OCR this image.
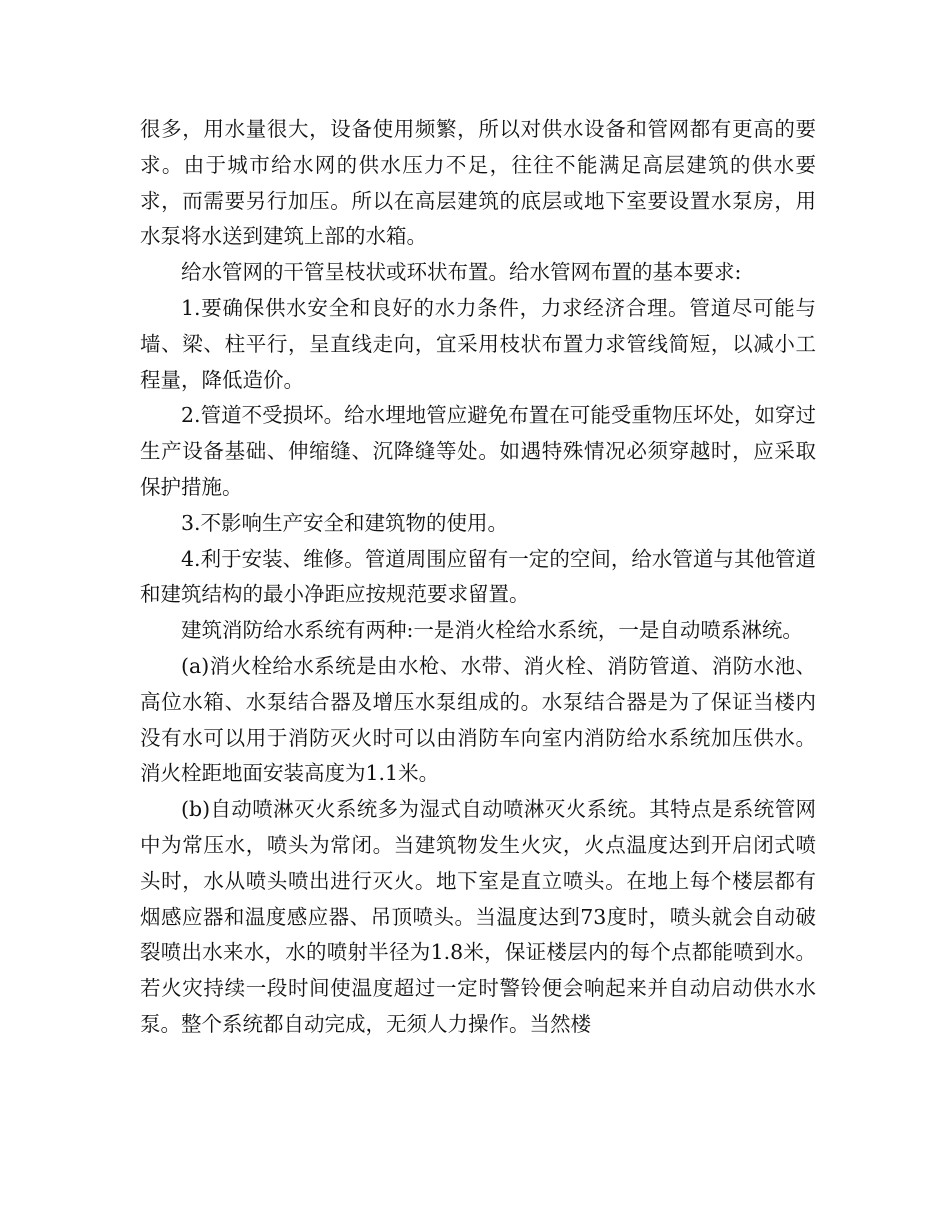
很多，用水量很大，设备使用频繁，所以对供水设备和管网都有更高的要求。由于城市给水网的供水压力不足，往往不能满足高层建筑的供水要求，而需要另行加压。所以在高层建筑的底层或地下室要设置水泵房，用水泵将水送到建筑上部的水箱。

给水管网的干管呈枝状或环状布置。给水管网布置的基本要求:

1.要确保供水安全和良好的水力条件，力求经济合理。管道尽可能与墙、梁、柱平行，呈直线走向，宜采用枝状布置力求管线简短，以减小工程量，降低造价。

2.管道不受损坏。给水埋地管应避免布置在可能受重物压坏处，如穿过生产设备基础、伸缩缝、沉降缝等处。如遇特殊情况必须穿越时，应采取保护措施。

3.不影响生产安全和建筑物的使用。

4.利于安装、维修。管道周围应留有一定的空间，给水管道与其他管道和建筑结构的最小净距应按规范要求留置。

建筑消防给水系统有两种:一是消火栓给水系统，一是自动喷系淋统。

(a)消火栓给水系统是由水枪、水带、消火栓、消防管道、消防水池、高位水箱、水泵结合器及增压水泵组成的。水泵结合器是为了保证当楼内没有水可以用于消防灭火时可以由消防车向室内消防给水系统加压供水。消火栓距地面安装高度为1.1米。

(b)自动喷淋灭火系统多为湿式自动喷淋灭火系统。其特点是系统管网中为常压水，喷头为常闭。当建筑物发生火灾，火点温度达到开启闭式喷头时，水从喷头喷出进行灭火。地下室是直立喷头。在地上每个楼层都有烟感应器和温度感应器、吊顶喷头。当温度达到73度时，喷头就会自动破裂喷出水来水，水的喷射半径为1.8米，保证楼层内的每个点都能喷到水。若火灾持续一段时间使温度超过一定时警铃便会响起来并自动启动供水水泵。整个系统都自动完成，无须人力操作。当然楼
